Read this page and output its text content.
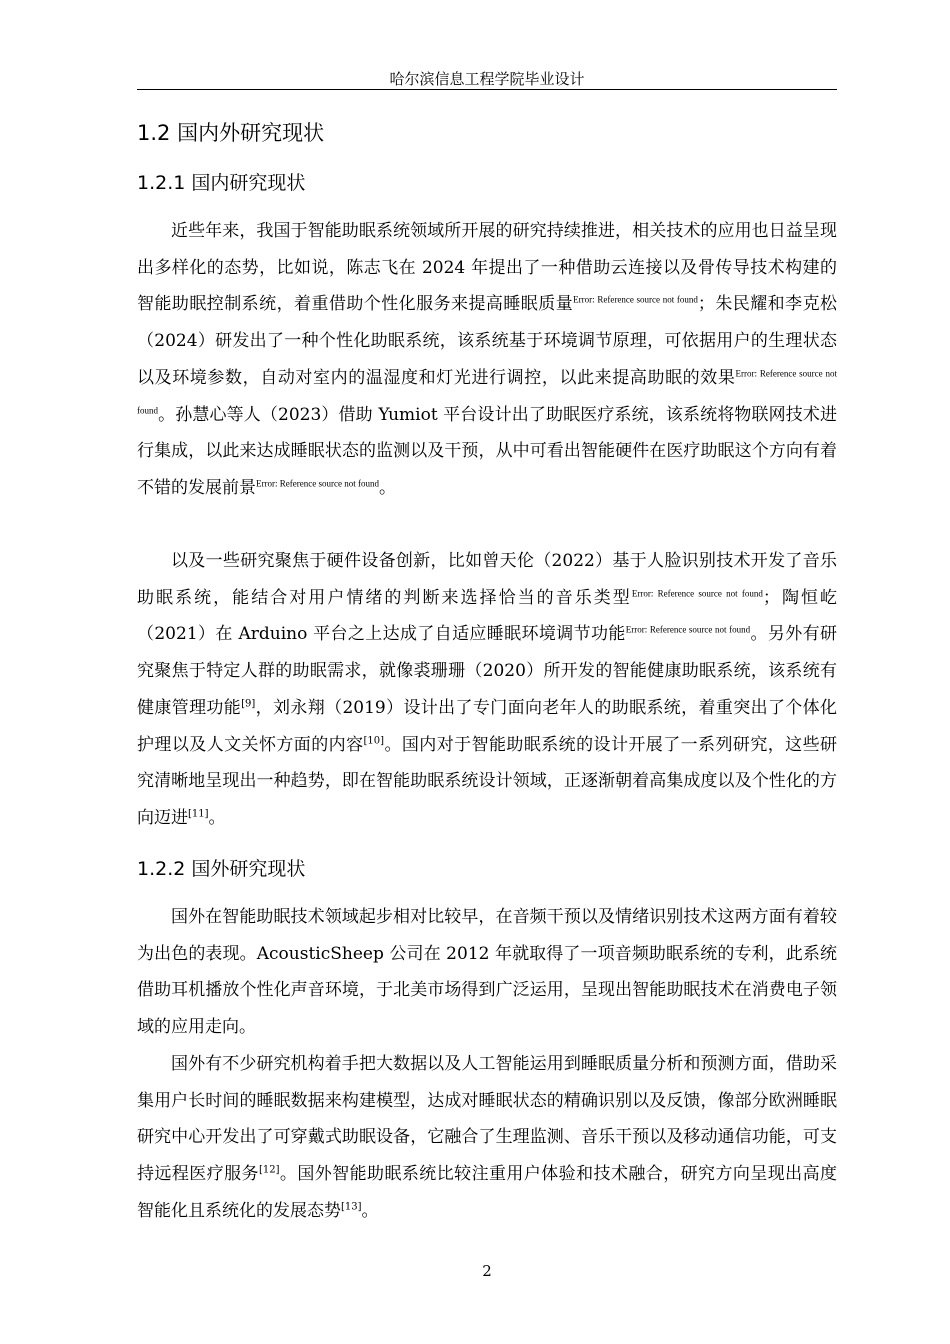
哈尔滨信息工程学院毕业设计
1.2 国内外研究现状
1.2.1 国内研究现状

近些年来，我国于智能助眠系统领域所开展的研究持续推进，相关技术的应用也日益呈现出多样化的态势，比如说，陈志飞在 2024 年提出了一种借助云连接以及骨传导技术构建的智能助眠控制系统，着重借助个性化服务来提高睡眠质量$^{Error: Reference source not found}$；朱民耀和李克松（2024）研发出了一种个性化助眠系统，该系统基于环境调节原理，可依据用户的生理状态以及环境参数，自动对室内的温湿度和灯光进行调控，以此来提高助眠的效果$^{Error: Reference source not found}$。孙慧心等人（2023）借助 Yumiot 平台设计出了助眠医疗系统，该系统将物联网技术进行集成，以此来达成睡眠状态的监测以及干预，从中可看出智能硬件在医疗助眠这个方向有着不错的发展前景$^{Error: Reference source not found}$。

以及一些研究聚焦于硬件设备创新，比如曾天伦（2022）基于人脸识别技术开发了音乐助眠系统，能结合对用户情绪的判断来选择恰当的音乐类型$^{Error: Reference source not found}$；陶恒屹（2021）在 Arduino 平台之上达成了自适应睡眠环境调节功能$^{Error: Reference source not found}$。另外有研究聚焦于特定人群的助眠需求，就像裘珊珊（2020）所开发的智能健康助眠系统，该系统有健康管理功能[9]，刘永翔（2019）设计出了专门面向老年人的助眠系统，着重突出了个体化护理以及人文关怀方面的内容[10]。国内对于智能助眠系统的设计开展了一系列研究，这些研究清晰地呈现出一种趋势，即在智能助眠系统设计领域，正逐渐朝着高集成度以及个性化的方向迈进[11]。

1.2.2 国外研究现状

国外在智能助眠技术领域起步相对比较早，在音频干预以及情绪识别技术这两方面有着较为出色的表现。AcousticSheep 公司在 2012 年就取得了一项音频助眠系统的专利，此系统借助耳机播放个性化声音环境，于北美市场得到广泛运用，呈现出智能助眠技术在消费电子领域的应用走向。

国外有不少研究机构着手把大数据以及人工智能运用到睡眠质量分析和预测方面，借助采集用户长时间的睡眠数据来构建模型，达成对睡眠状态的精确识别以及反馈，像部分欧洲睡眠研究中心开发出了可穿戴式助眠设备，它融合了生理监测、音乐干预以及移动通信功能，可支持远程医疗服务[12]。国外智能助眠系统比较注重用户体验和技术融合，研究方向呈现出高度智能化且系统化的发展态势[13]。

2
